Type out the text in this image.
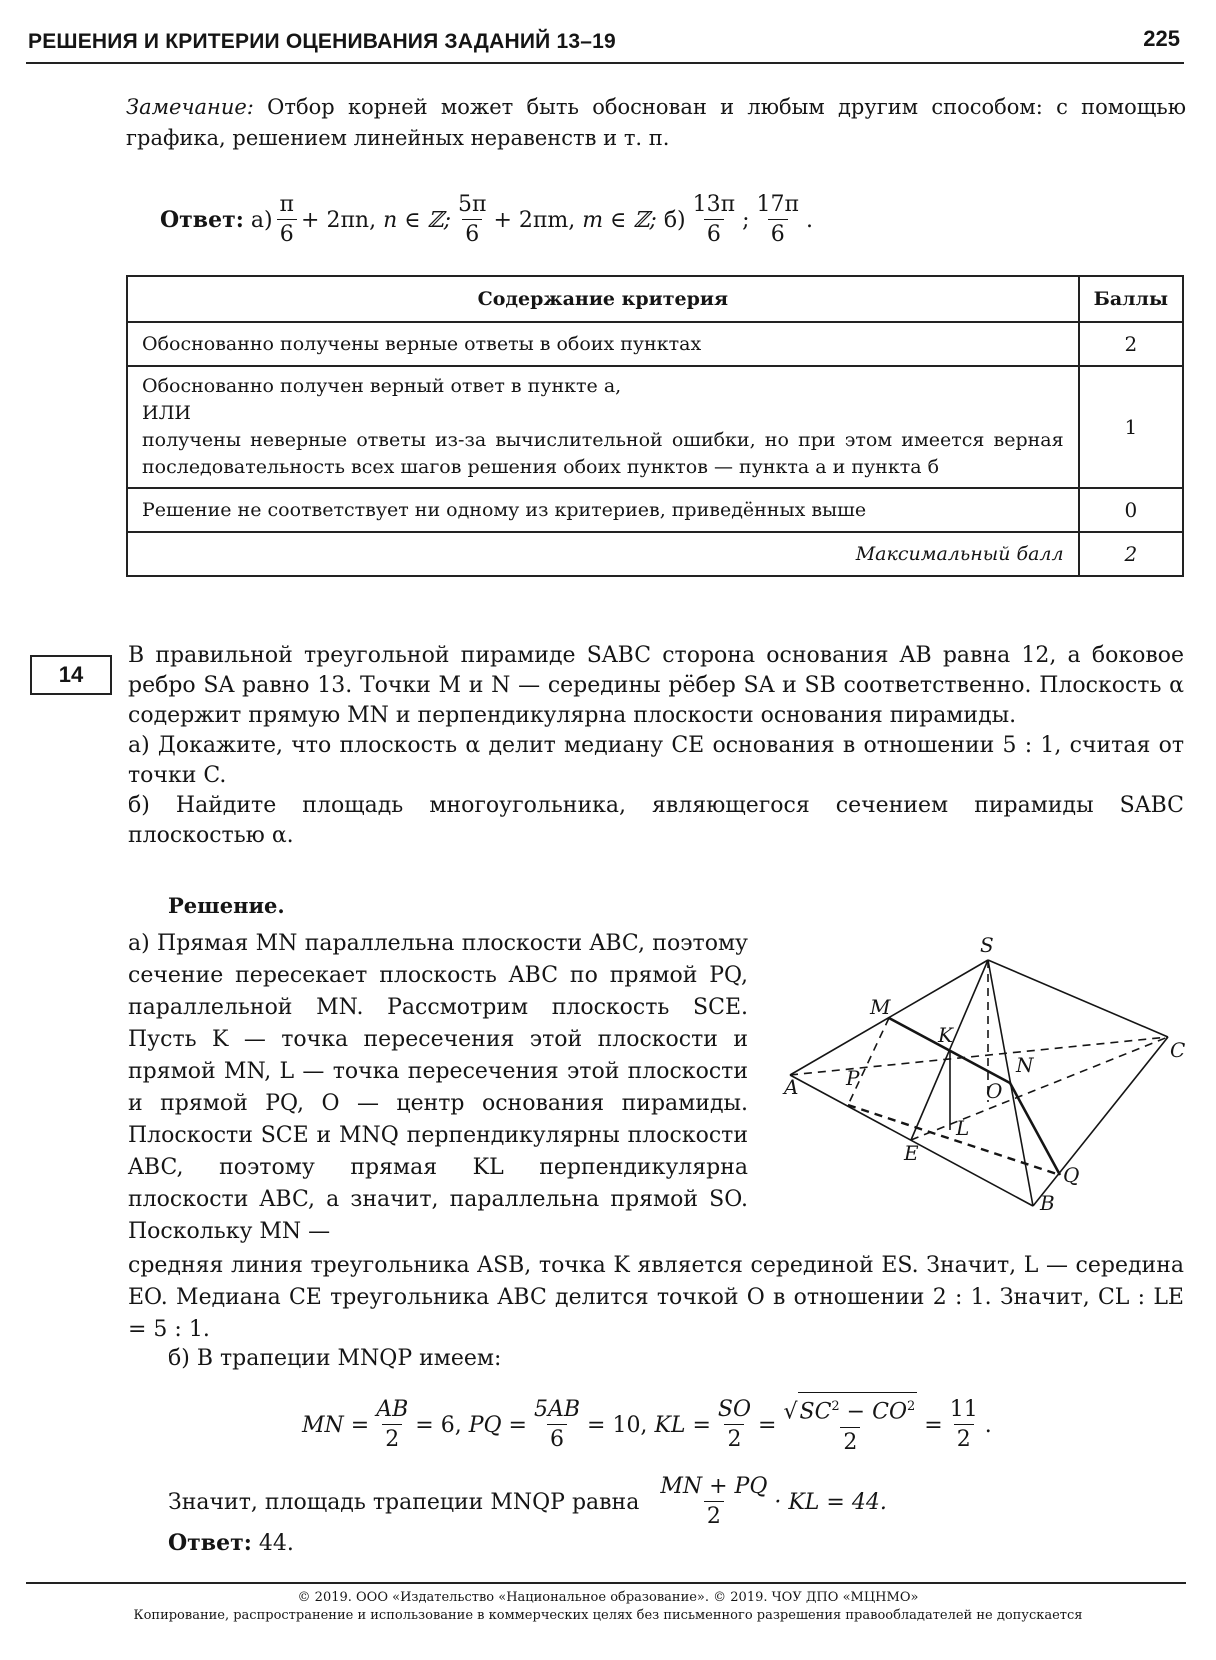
РЕШЕНИЯ И КРИТЕРИИ ОЦЕНИВАНИЯ ЗАДАНИЙ 13–19	225
Замечание: Отбор корней может быть обоснован и любым другим способом: с помощью графика, решением линейных неравенств и т. п.
Ответ:
$а) \frac{\pi}{6} + 2\pi n$,
n ∈ ℤ; $\frac{5\pi}{6} + 2\pi m$,
m ∈ ℤ;
$б) \frac{13\pi}{6}$ ; $\frac{17\pi}{6}$ .
Содержание критерия	Баллы
Обоснованно получены верные ответы в обоих пунктах	2

Обоснованно получен верный ответ в пункте а,
ИЛИ
получены неверные ответы из-за вычислительной ошибки, но при этом имеется верная последовательность всех шагов решения обоих пунктов — пункта а и пункта б	1
Решение не соответствует ни одному из критериев, приведённых выше	0
Максимальный балл	2
14
В правильной треугольной пирамиде SABC сторона основания AB равна 12, а боковое ребро SA равно 13. Точки M и N — середины рёбер SA и SB соответственно. Плоскость α содержит прямую MN и перпендикулярна плоскости основания пирамиды.
а) Докажите, что плоскость α делит медиану CE основания в отношении 5 : 1, считая от точки C.
б) Найдите площадь многоугольника, являющегося сечением пирамиды SABC плоскостью α.
Решение.
а) Прямая MN параллельна плоскости ABC, поэтому сечение пересекает плоскость ABC по прямой PQ, параллельной MN. Рассмотрим плоскость SCE. Пусть K — точка пересечения этой плоскости и прямой MN, L — точка пересечения этой плоскости и прямой PQ, O — центр основания пирамиды. Плоскости SCE и MNQ перпендикулярны плоскости ABC, поэтому прямая KL перпендикулярна плоскости ABC, а значит, параллельна прямой SO. Поскольку MN —
S
M
K
N
C
A P
O
E
L
Q
B
средняя линия треугольника ASB, точка K является серединой ES. Значит, L — середина EO. Медиана CE треугольника ABC делится точкой O в отношении 2 : 1. Значит, CL : LE = 5 : 1.
б) В трапеции MNQP имеем:
MN = $\frac{AB}{2} = 6$,
PQ = $\frac{5AB}{6} = 10$,
KL = $\frac{SO}{2} = \frac{√SC^2 - CO^2}{2} = \frac{11}{2}$ .
Значит, площадь трапеции MNQP равна
$\frac{MN + PQ}{2}$ · KL = 44.
Ответ: 44.
© 2019. ООО «Издательство «Национальное образование». © 2019. ЧОУ ДПО «МЦНМО»
Копирование, распространение и использование в коммерческих целях без письменного разрешения правообладателей не допускается
